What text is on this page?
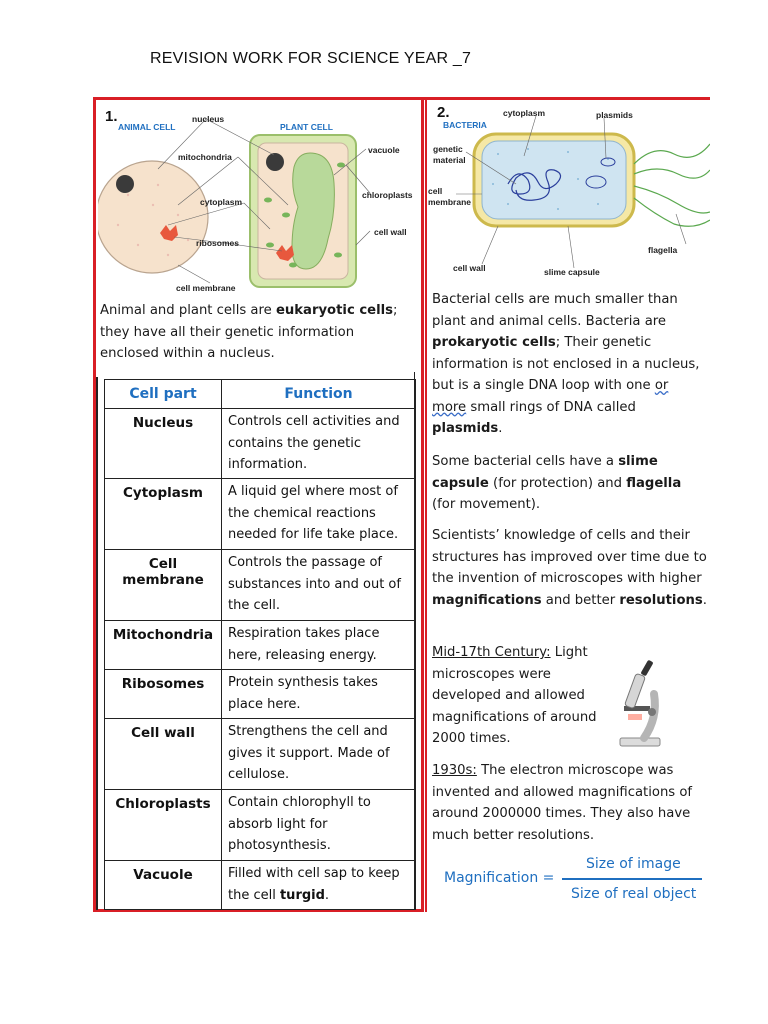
REVISION WORK FOR SCIENCE YEAR _7
1.
ANIMAL CELL	PLANT CELL
nucleus
mitochondria
cytoplasm
ribosomes
cell membrane
vacuole
chloroplasts
cell wall
Animal and plant cells are eukaryotic cells; they have all their genetic information enclosed within a nucleus.
Cell part	Function
Nucleus	Controls cell activities and contains the genetic information.
Cytoplasm	A liquid gel where most of the chemical reactions needed for life take place.
Cell membrane	Controls the passage of substances into and out of the cell.
Mitochondria	Respiration takes place here, releasing energy.
Ribosomes	Protein synthesis takes place here.
Cell wall	Strengthens the cell and gives it support. Made of cellulose.
Chloroplasts	Contain chlorophyll to absorb light for photosynthesis.
Vacuole	Filled with cell sap to keep the cell turgid.
2.
BACTERIA
cytoplasm	plasmids
genetic material
cell membrane
flagella
cell wall	slime capsule
Bacterial cells are much smaller than plant and animal cells. Bacteria are prokaryotic cells; Their genetic information is not enclosed in a nucleus, but is a single DNA loop with one or more small rings of DNA called plasmids.
Some bacterial cells have a slime capsule (for protection) and flagella (for movement).
Scientists’ knowledge of cells and their structures has improved over time due to the invention of microscopes with higher magnifications and better resolutions.
Mid-17th Century: Light microscopes were developed and allowed magnifications of around 2000 times.
1930s: The electron microscope was invented and allowed magnifications of around 2000000 times. They also have much better resolutions.
Magnification =
Size of image
Size of real object
